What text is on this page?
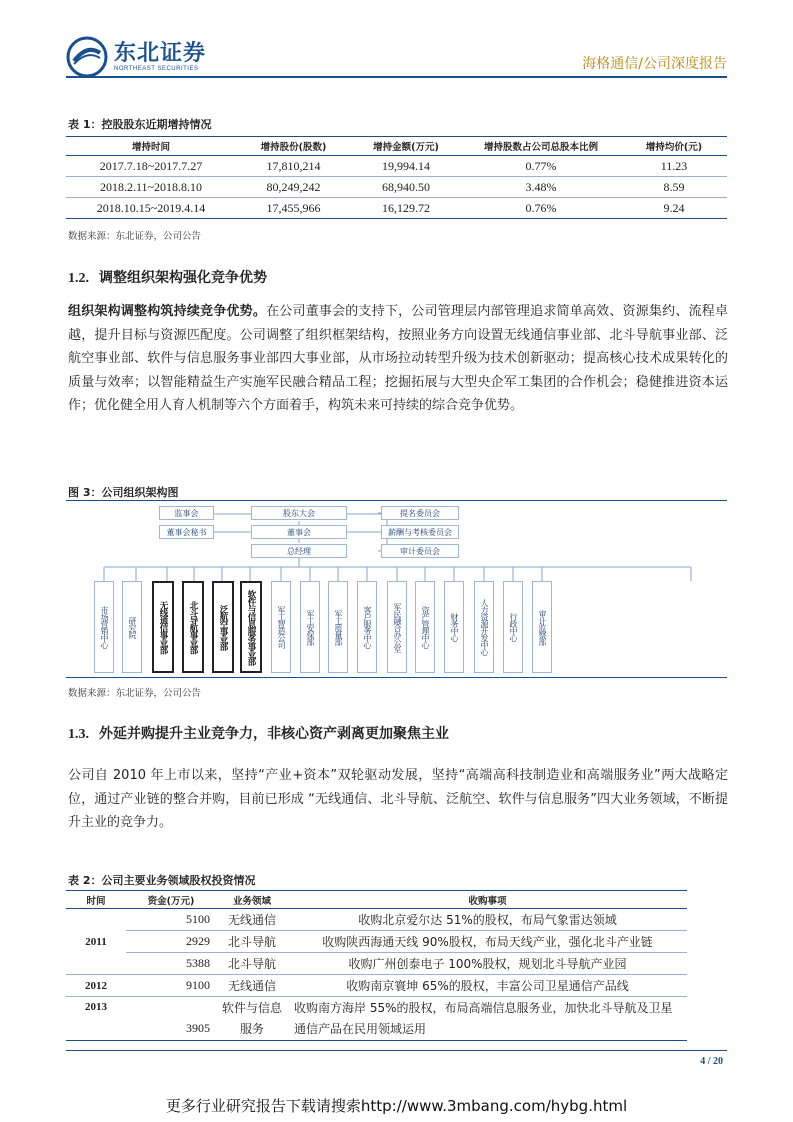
东北证券
NORTHEAST SECURITIES	海格通信/公司深度报告
表 1：控股股东近期增持情况
增持时间	增持股份(股数)	增持金额(万元)	增持股数占公司总股本比例	增持均价(元)
2017.7.18~2017.7.27	17,810,214	19,994.14	0.77%	11.23
2018.2.11~2018.8.10	80,249,242	68,940.50	3.48%	8.59
2018.10.15~2019.4.14	17,455,966	16,129.72	0.76%	9.24
数据来源：东北证券，公司公告
1.2. 调整组织架构强化竞争优势
组织架构调整构筑持续竞争优势。在公司董事会的支持下，公司管理层内部管理追求简单高效、资源集约、流程卓越，提升目标与资源匹配度。公司调整了组织框架结构，按照业务方向设置无线通信事业部、北斗导航事业部、泛航空事业部、软件与信息服务事业部四大事业部，从市场拉动转型升级为技术创新驱动；提高核心技术成果转化的质量与效率；以智能精益生产实施军民融合精品工程；挖掘拓展与大型央企军工集团的合作机会；稳健推进资本运作；优化健全用人育人机制等六个方面着手，构筑未来可持续的综合竞争优势。
图 3：公司组织架构图
监事会
董事会秘书
股东大会
董事会
总经理
提名委员会
薪酬与考核委员会
审计委员会
市场营销中心	研究院	无线通信事业部	北斗导航事业部	泛航空事业部	软件与信息服务事业部	军工智造公司	军工安保部	军工质量部	客户服务中心	军民融合办公室	资产管理中心	财务中心	人力资源开发中心	行政中心	审计监察部
数据来源：东北证券，公司公告
1.3. 外延并购提升主业竞争力，非核心资产剥离更加聚焦主业
公司自 2010 年上市以来，坚持“产业+资本”双轮驱动发展，坚持“高端高科技制造业和高端服务业”两大战略定位，通过产业链的整合并购，目前已形成 “无线通信、北斗导航、泛航空、软件与信息服务”四大业务领域，不断提升主业的竞争力。
表 2：公司主要业务领域股权投资情况
时间	资金(万元)	业务领域	收购事项
2011	5100	无线通信	收购北京爱尔达 51%的股权，布局气象雷达领域
	2929	北斗导航	收购陕西海通天线 90%股权，布局天线产业，强化北斗产业链
	5388	北斗导航	收购广州创泰电子 100%股权，规划北斗导航产业园
2012	9100	无线通信	收购南京寰坤 65%的股权，丰富公司卫星通信产品线
2013	3905	软件与信息服务	收购南方海岸 55%的股权，布局高端信息服务业，加快北斗导航及卫星通信产品在民用领域运用
4 / 20
更多行业研究报告下载请搜索http://www.3mbang.com/hybg.html
